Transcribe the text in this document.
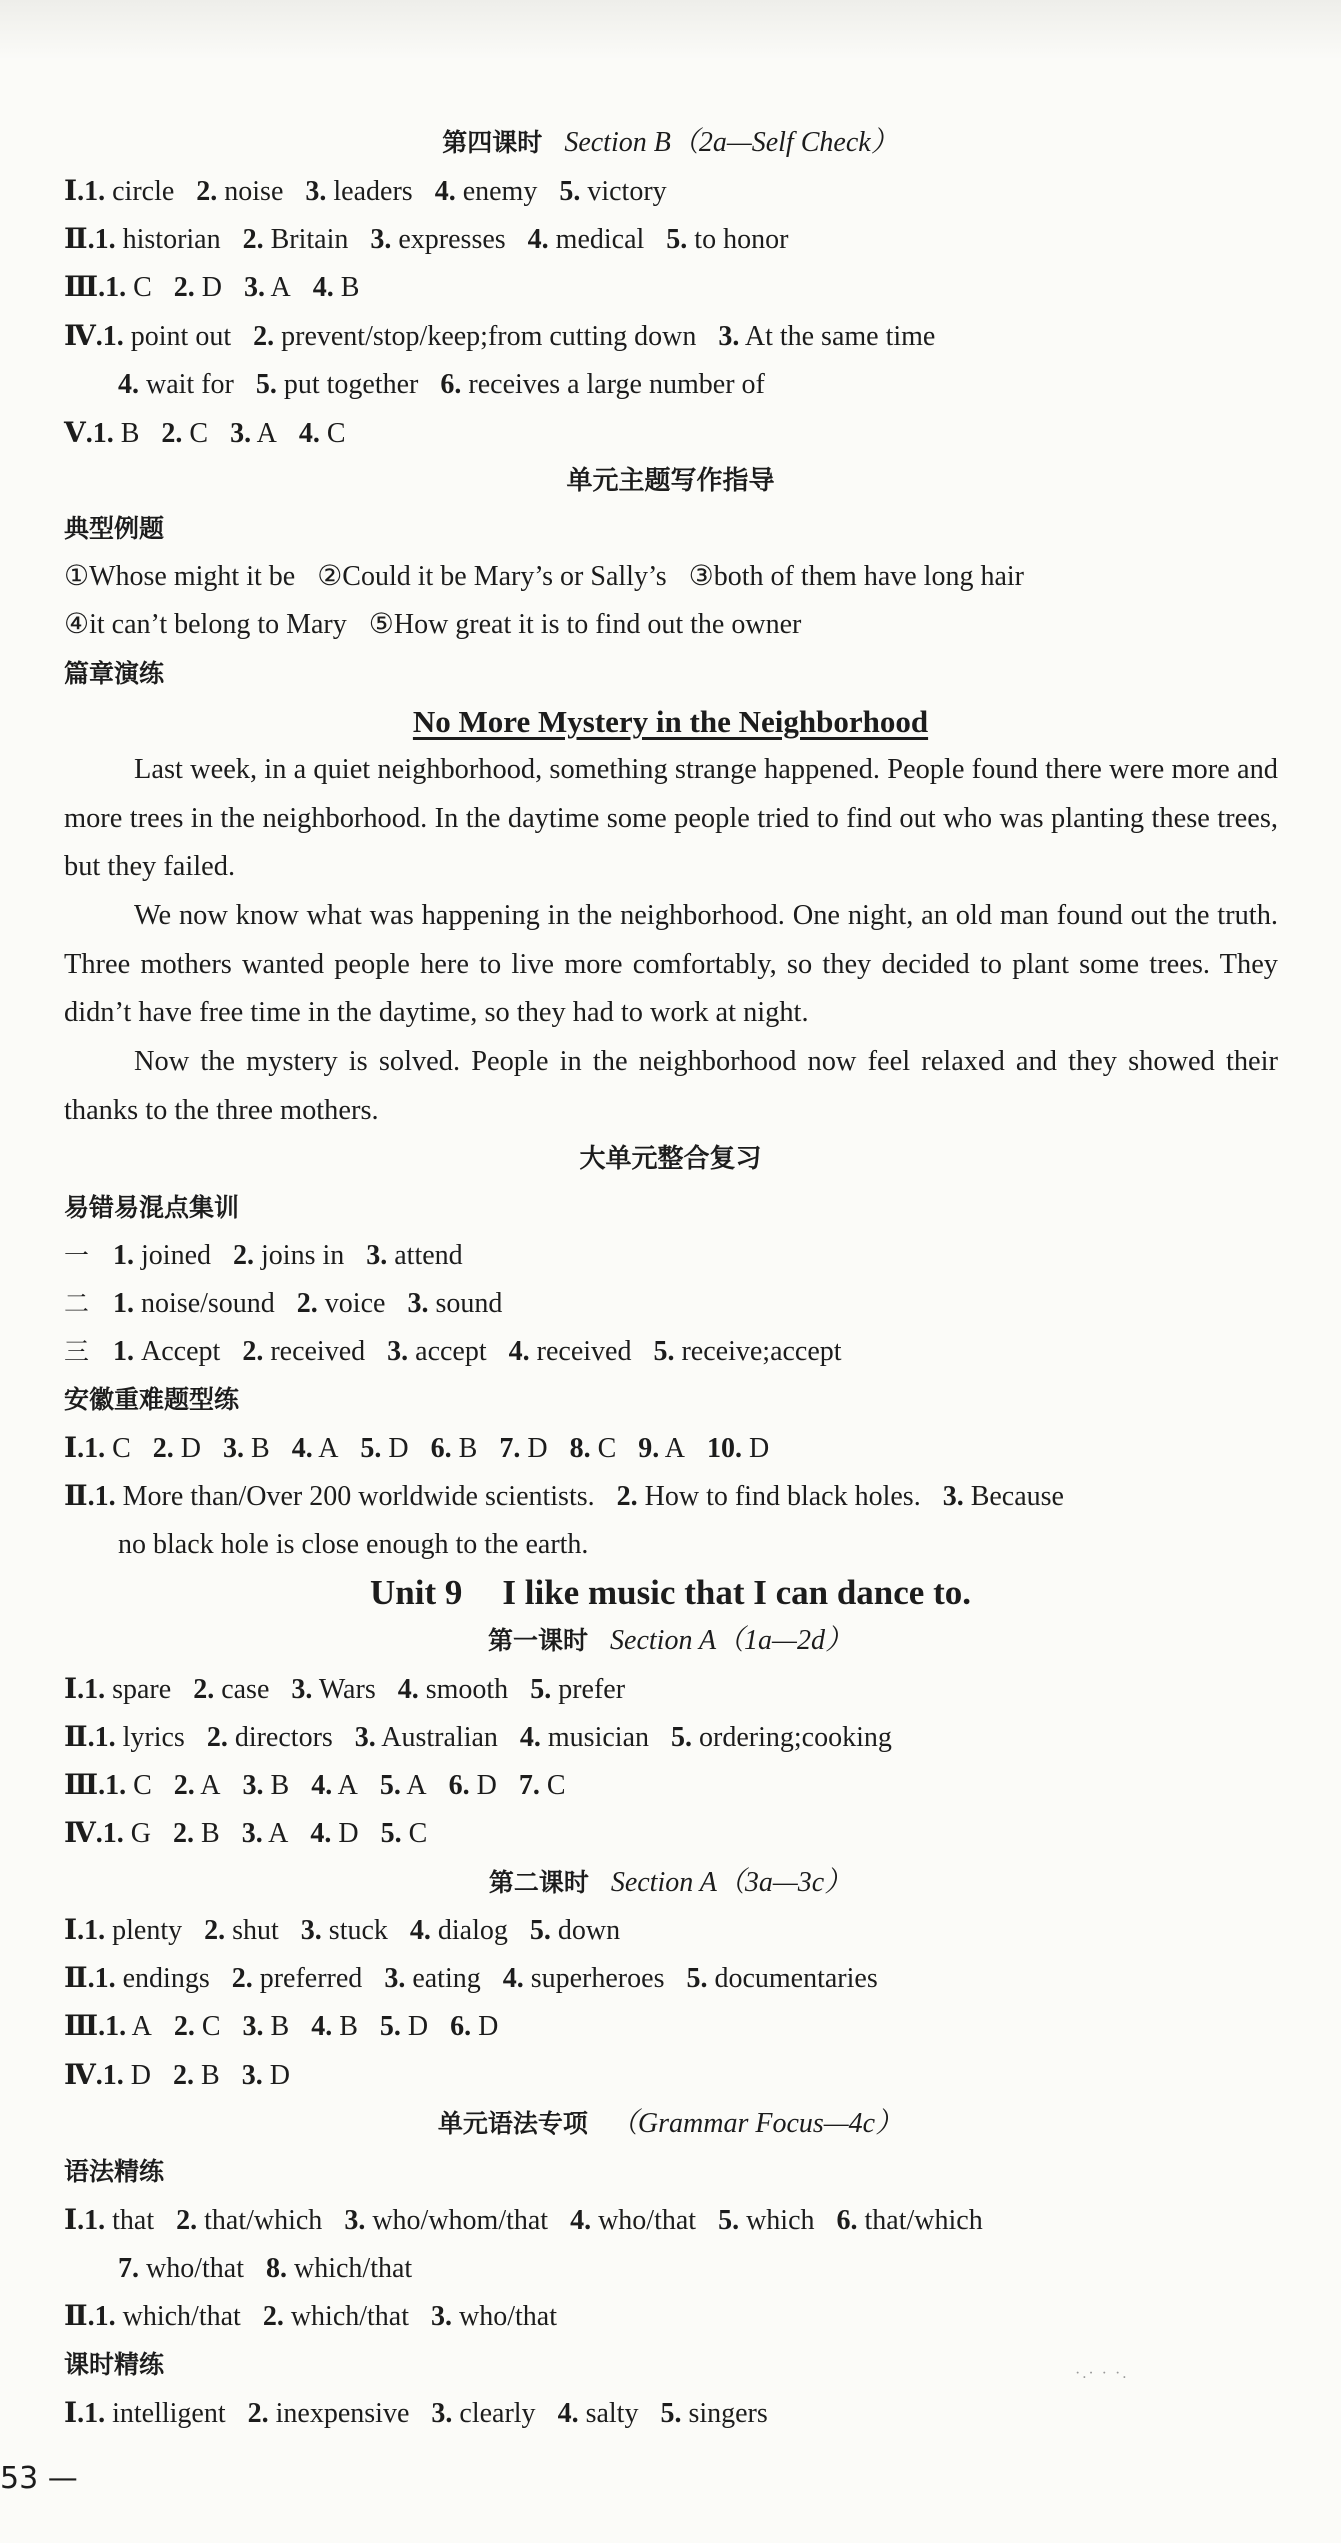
第四课时 Section B（2a—Self Check）
Ⅰ.1. circle 2. noise 3. leaders 4. enemy 5. victory
Ⅱ.1. historian 2. Britain 3. expresses 4. medical 5. to honor
Ⅲ.1. C 2. D 3. A 4. B
Ⅳ.1. point out 2. prevent/stop/keep;from cutting down 3. At the same time
4. wait for 5. put together 6. receives a large number of
Ⅴ.1. B 2. C 3. A 4. C
单元主题写作指导
典型例题
①Whose might it be ②Could it be Mary’s or Sally’s ③both of them have long hair
④it can’t belong to Mary ⑤How great it is to find out the owner
篇章演练
No More Mystery in the Neighborhood
Last week, in a quiet neighborhood, something strange happened. People found there were more and more trees in the neighborhood. In the daytime some people tried to find out who was planting these trees, but they failed.
We now know what was happening in the neighborhood. One night, an old man found out the truth. Three mothers wanted people here to live more comfortably, so they decided to plant some trees. They didn’t have free time in the daytime, so they had to work at night.
Now the mystery is solved. People in the neighborhood now feel relaxed and they showed their thanks to the three mothers.
大单元整合复习
易错易混点集训
一 1. joined 2. joins in 3. attend
二 1. noise/sound 2. voice 3. sound
三 1. Accept 2. received 3. accept 4. received 5. receive;accept
安徽重难题型练
Ⅰ.1. C 2. D 3. B 4. A 5. D 6. B 7. D 8. C 9. A 10. D
Ⅱ.1. More than/Over 200 worldwide scientists. 2. How to find black holes. 3. Because
no black hole is close enough to the earth.
Unit 9 I like music that I can dance to.
第一课时 Section A（1a—2d）
Ⅰ.1. spare 2. case 3. Wars 4. smooth 5. prefer
Ⅱ.1. lyrics 2. directors 3. Australian 4. musician 5. ordering;cooking
Ⅲ.1. C 2. A 3. B 4. A 5. A 6. D 7. C
Ⅳ.1. G 2. B 3. A 4. D 5. C
第二课时 Section A（3a—3c）
Ⅰ.1. plenty 2. shut 3. stuck 4. dialog 5. down
Ⅱ.1. endings 2. preferred 3. eating 4. superheroes 5. documentaries
Ⅲ.1. A 2. C 3. B 4. B 5. D 6. D
Ⅳ.1. D 2. B 3. D
单元语法专项 （Grammar Focus—4c）
语法精练
Ⅰ.1. that 2. that/which 3. who/whom/that 4. who/that 5. which 6. that/which
7. who/that 8. which/that
Ⅱ.1. which/that 2. which/that 3. who/that
课时精练	·.· · ·.
Ⅰ.1. intelligent 2. inexpensive 3. clearly 4. salty 5. singers
53 —
